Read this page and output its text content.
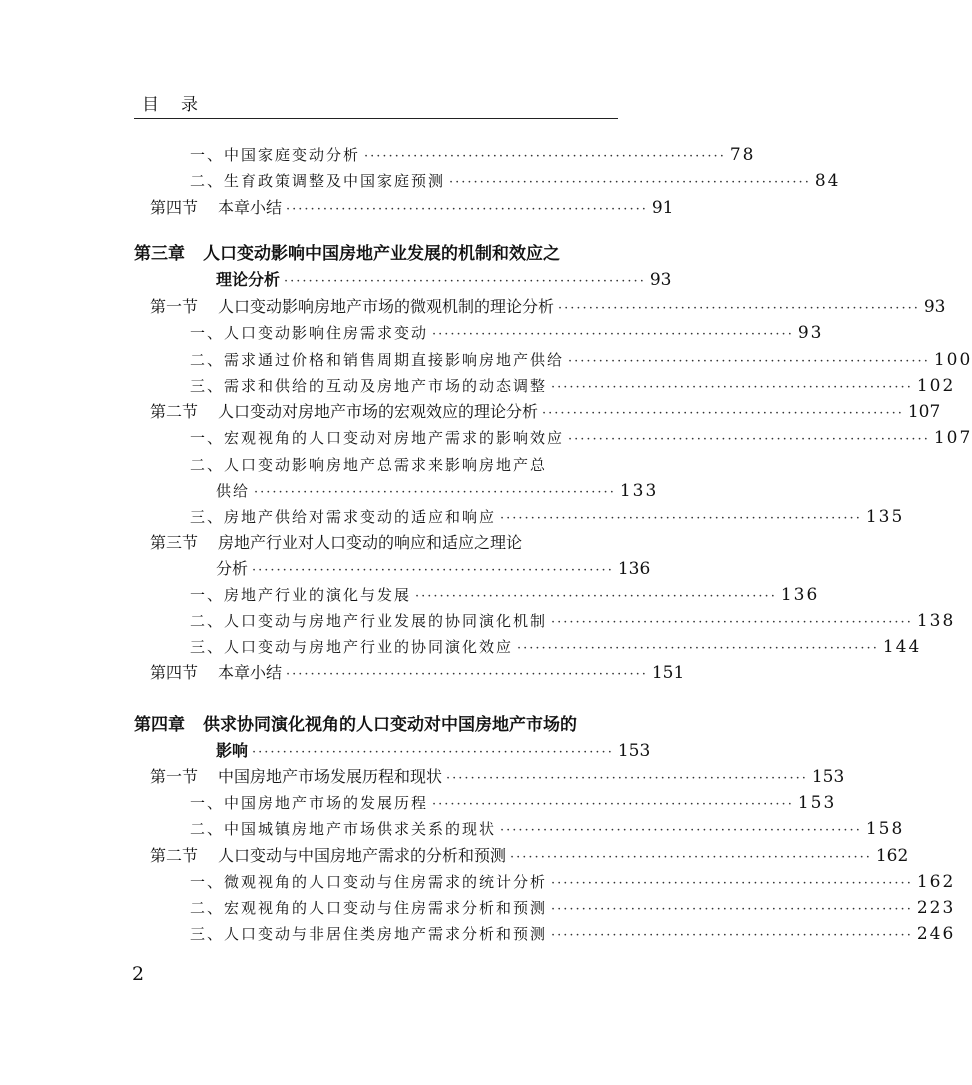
目录
一、中国家庭变动分析 ··························································· 78
二、生育政策调整及中国家庭预测 ··························································· 84
第四节 本章小结 ··························································· 91
第三章 人口变动影响中国房地产业发展的机制和效应之
理论分析 ··························································· 93
第一节 人口变动影响房地产市场的微观机制的理论分析 ··························································· 93
一、人口变动影响住房需求变动 ··························································· 93
二、需求通过价格和销售周期直接影响房地产供给 ··························································· 100
三、需求和供给的互动及房地产市场的动态调整 ··························································· 102
第二节 人口变动对房地产市场的宏观效应的理论分析 ··························································· 107
一、宏观视角的人口变动对房地产需求的影响效应 ··························································· 107
二、人口变动影响房地产总需求来影响房地产总
供给 ··························································· 133
三、房地产供给对需求变动的适应和响应 ··························································· 135
第三节 房地产行业对人口变动的响应和适应之理论
分析 ··························································· 136
一、房地产行业的演化与发展 ··························································· 136
二、人口变动与房地产行业发展的协同演化机制 ··························································· 138
三、人口变动与房地产行业的协同演化效应 ··························································· 144
第四节 本章小结 ··························································· 151
第四章 供求协同演化视角的人口变动对中国房地产市场的
影响 ··························································· 153
第一节 中国房地产市场发展历程和现状 ··························································· 153
一、中国房地产市场的发展历程 ··························································· 153
二、中国城镇房地产市场供求关系的现状 ··························································· 158
第二节 人口变动与中国房地产需求的分析和预测 ··························································· 162
一、微观视角的人口变动与住房需求的统计分析 ··························································· 162
二、宏观视角的人口变动与住房需求分析和预测 ··························································· 223
三、人口变动与非居住类房地产需求分析和预测 ··························································· 246
2
